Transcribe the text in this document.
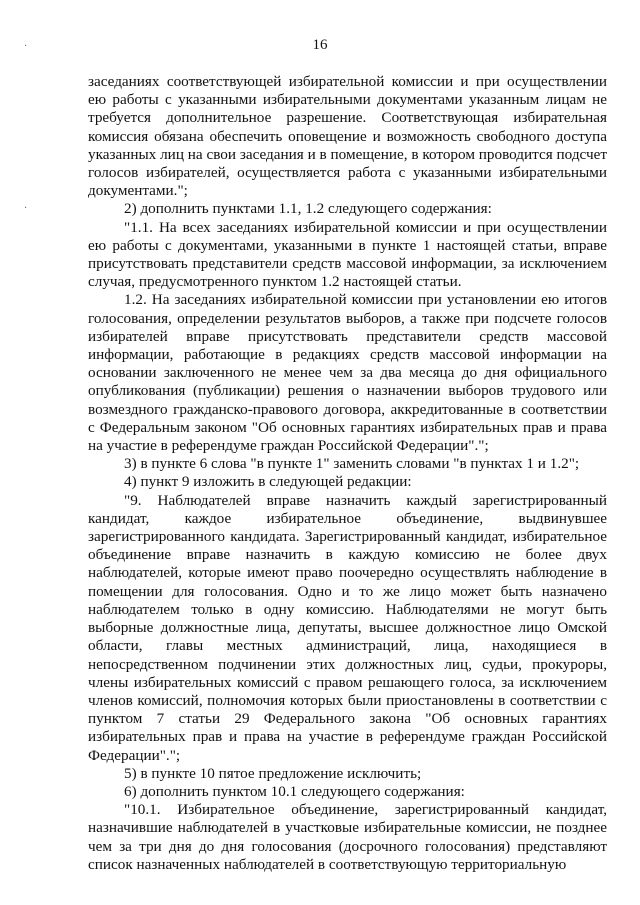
·
·
16

заседаниях соответствующей избирательной комиссии и при осуществлении ею работы с указанными избирательными документами указанным лицам не требуется дополнительное разрешение. Соответствующая избирательная комиссия обязана обеспечить оповещение и возможность свободного доступа указанных лиц на свои заседания и в помещение, в котором проводится подсчет голосов избирателей, осуществляется работа с указанными избирательными документами.";

2) дополнить пунктами 1.1, 1.2 следующего содержания:

"1.1. На всех заседаниях избирательной комиссии и при осуществлении ею работы с документами, указанными в пункте 1 настоящей статьи, вправе присутствовать представители средств массовой информации, за исключением случая, предусмотренного пунктом 1.2 настоящей статьи.

1.2. На заседаниях избирательной комиссии при установлении ею итогов голосования, определении результатов выборов, а также при подсчете голосов избирателей вправе присутствовать представители средств массовой информации, работающие в редакциях средств массовой информации на основании заключенного не менее чем за два месяца до дня официального опубликования (публикации) решения о назначении выборов трудового или возмездного гражданско-правового договора, аккредитованные в соответствии с Федеральным законом "Об основных гарантиях избирательных прав и права на участие в референдуме граждан Российской Федерации".";

3) в пункте 6 слова "в пункте 1" заменить словами "в пунктах 1 и 1.2";

4) пункт 9 изложить в следующей редакции:

"9. Наблюдателей вправе назначить каждый зарегистрированный кандидат, каждое избирательное объединение, выдвинувшее зарегистрированного кандидата. Зарегистрированный кандидат, избирательное объединение вправе назначить в каждую комиссию не более двух наблюдателей, которые имеют право поочередно осуществлять наблюдение в помещении для голосования. Одно и то же лицо может быть назначено наблюдателем только в одну комиссию. Наблюдателями не могут быть выборные должностные лица, депутаты, высшее должностное лицо Омской области, главы местных администраций, лица, находящиеся в непосредственном подчинении этих должностных лиц, судьи, прокуроры, члены избирательных комиссий с правом решающего голоса, за исключением членов комиссий, полномочия которых были приостановлены в соответствии с пунктом 7 статьи 29 Федерального закона "Об основных гарантиях избирательных прав и права на участие в референдуме граждан Российской Федерации".";

5) в пункте 10 пятое предложение исключить;

6) дополнить пунктом 10.1 следующего содержания:

"10.1. Избирательное объединение, зарегистрированный кандидат, назначившие наблюдателей в участковые избирательные комиссии, не позднее чем за три дня до дня голосования (досрочного голосования) представляют список назначенных наблюдателей в соответствующую территориальную
